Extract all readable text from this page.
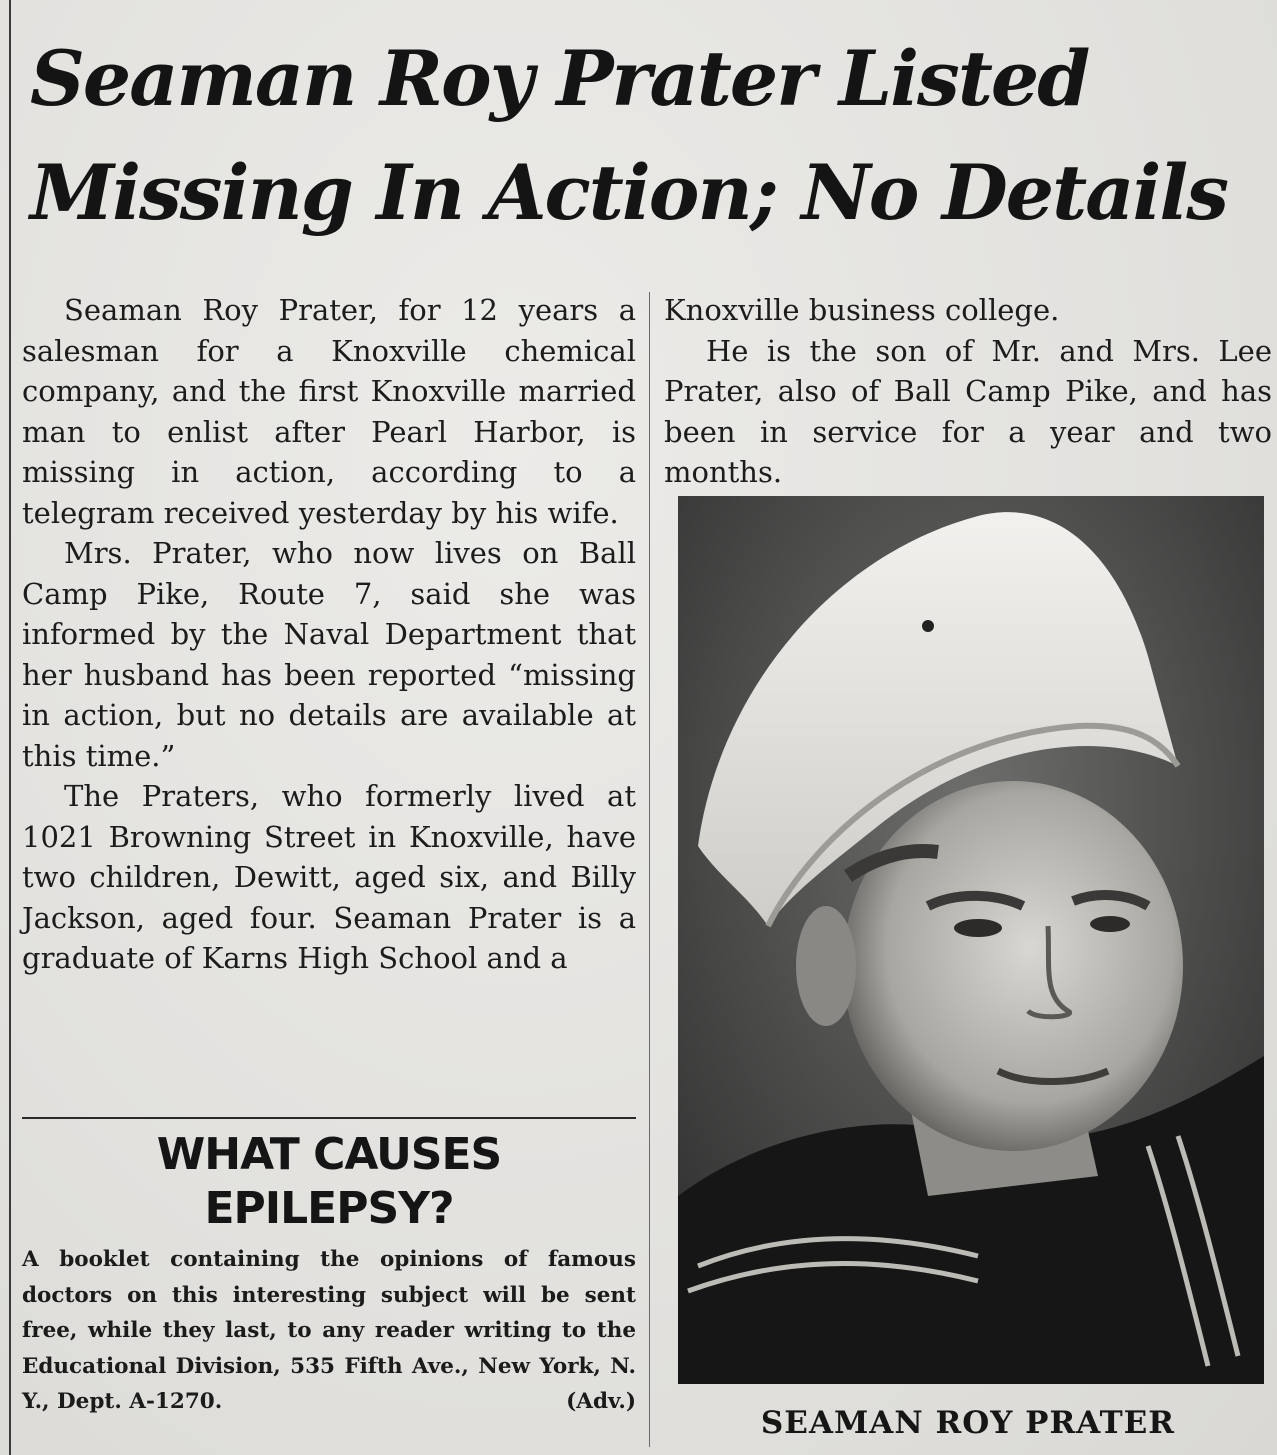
Seaman Roy Prater Listed
Missing In Action; No Details

Seaman Roy Prater, for 12 years a salesman for a Knoxville chemical company, and the first Knoxville married man to enlist after Pearl Harbor, is missing in action, according to a telegram received yesterday by his wife.

Mrs. Prater, who now lives on Ball Camp Pike, Route 7, said she was informed by the Naval Department that her husband has been reported “missing in action, but no details are available at this time.”

The Praters, who formerly lived at 1021 Browning Street in Knoxville, have two children, Dewitt, aged six, and Billy Jackson, aged four. Seaman Prater is a graduate of Karns High School and a

Knoxville business college.

He is the son of Mr. and Mrs. Lee Prater, also of Ball Camp Pike, and has been in service for a year and two months.

WHAT CAUSES
EPILEPSY?

A booklet containing the opinions of famous doctors on this interesting subject will be sent free, while they last, to any reader writing to the Educational Division, 535 Fifth Ave., New York, N. Y., Dept. A-1270.	(Adv.)

SEAMAN ROY PRATER
